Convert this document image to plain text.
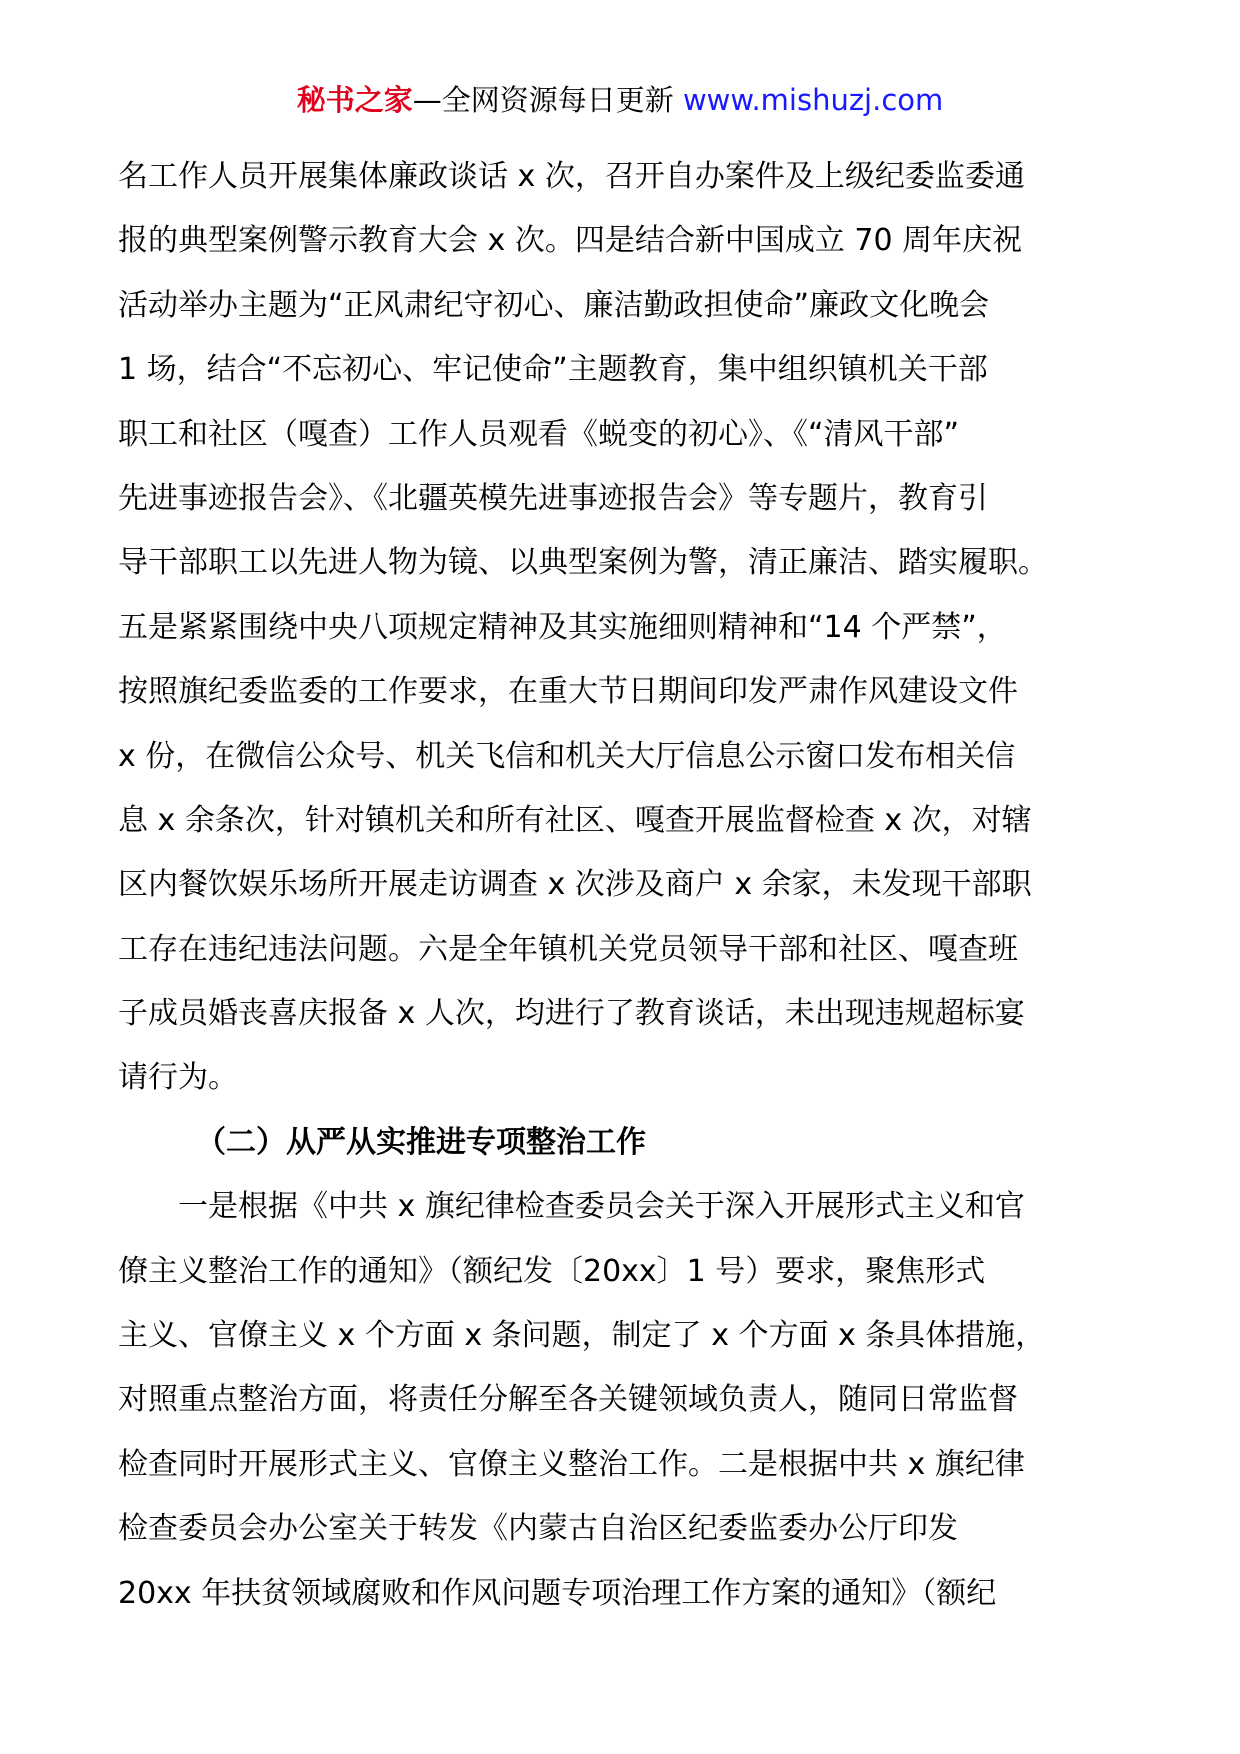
秘书之家—全网资源每日更新 www.mishuzj.com
名工作人员开展集体廉政谈话 x 次，召开自办案件及上级纪委监委通
报的典型案例警示教育大会 x 次。四是结合新中国成立 70 周年庆祝
活动举办主题为“正风肃纪守初心、廉洁勤政担使命”廉政文化晚会
1 场，结合“不忘初心、牢记使命”主题教育，集中组织镇机关干部
职工和社区（嘎查）工作人员观看《蜕变的初心》、《“清风干部”
先进事迹报告会》、《北疆英模先进事迹报告会》等专题片，教育引
导干部职工以先进人物为镜、以典型案例为警，清正廉洁、踏实履职。
五是紧紧围绕中央八项规定精神及其实施细则精神和“14 个严禁”，
按照旗纪委监委的工作要求，在重大节日期间印发严肃作风建设文件
x 份，在微信公众号、机关飞信和机关大厅信息公示窗口发布相关信
息 x 余条次，针对镇机关和所有社区、嘎查开展监督检查 x 次，对辖
区内餐饮娱乐场所开展走访调查 x 次涉及商户 x 余家，未发现干部职
工存在违纪违法问题。六是全年镇机关党员领导干部和社区、嘎查班
子成员婚丧喜庆报备 x 人次，均进行了教育谈话，未出现违规超标宴
请行为。
（二）从严从实推进专项整治工作
　　一是根据《中共 x 旗纪律检查委员会关于深入开展形式主义和官
僚主义整治工作的通知》（额纪发〔20xx〕1 号）要求，聚焦形式
主义、官僚主义 x 个方面 x 条问题，制定了 x 个方面 x 条具体措施，
对照重点整治方面，将责任分解至各关键领域负责人，随同日常监督
检查同时开展形式主义、官僚主义整治工作。二是根据中共 x 旗纪律
检查委员会办公室关于转发《内蒙古自治区纪委监委办公厅印发
20xx 年扶贫领域腐败和作风问题专项治理工作方案的通知》（额纪
